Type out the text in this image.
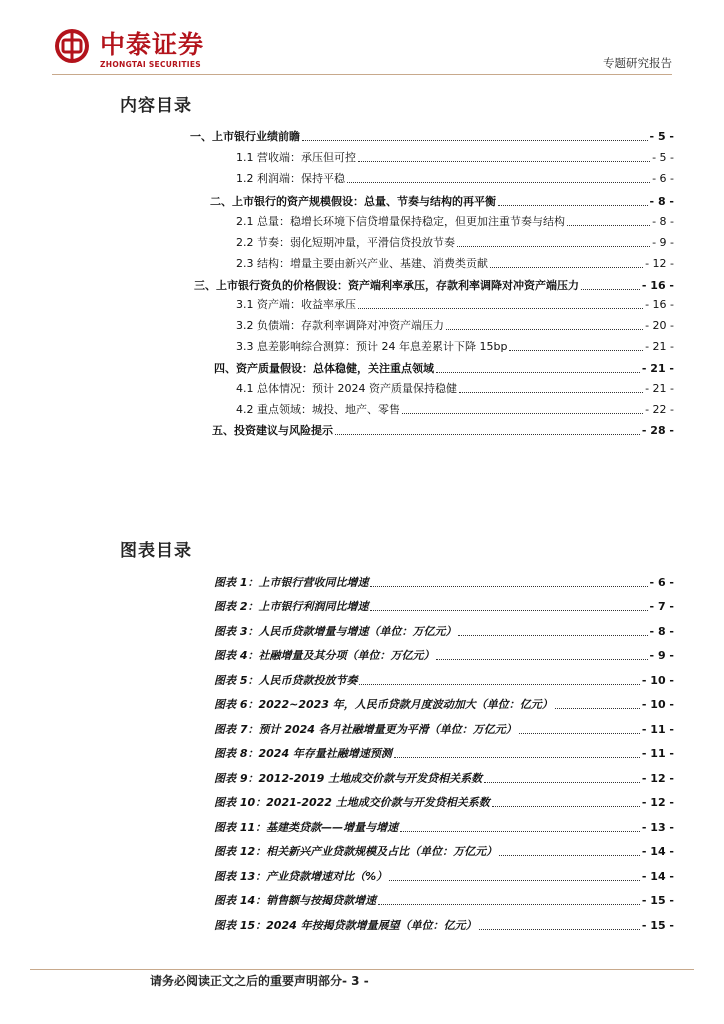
中泰证券
ZHONGTAI SECURITIES	专题研究报告
内容目录
一、上市银行业绩前瞻	- 5 -
1.1 营收端：承压但可控	- 5 -
1.2 利润端：保持平稳	- 6 -
二、上市银行的资产规模假设：总量、节奏与结构的再平衡	- 8 -
2.1 总量：稳增长环境下信贷增量保持稳定，但更加注重节奏与结构	- 8 -
2.2 节奏：弱化短期冲量，平滑信贷投放节奏	- 9 -
2.3 结构：增量主要由新兴产业、基建、消费类贡献	- 12 -
三、上市银行资负的价格假设：资产端利率承压，存款利率调降对冲资产端压力	- 16 -
3.1 资产端：收益率承压	- 16 -
3.2 负债端：存款利率调降对冲资产端压力	- 20 -
3.3 息差影响综合测算：预计 24 年息差累计下降 15bp	- 21 -
四、资产质量假设：总体稳健，关注重点领域	- 21 -
4.1 总体情况：预计 2024 资产质量保持稳健	- 21 -
4.2 重点领域：城投、地产、零售	- 22 -
五、投资建议与风险提示	- 28 -
图表目录
图表 1：上市银行营收同比增速	- 6 -
图表 2：上市银行利润同比增速	- 7 -
图表 3：人民币贷款增量与增速（单位：万亿元）	- 8 -
图表 4：社融增量及其分项（单位：万亿元）	- 9 -
图表 5：人民币贷款投放节奏	- 10 -
图表 6：2022~2023 年，人民币贷款月度波动加大（单位：亿元）	- 10 -
图表 7：预计 2024 各月社融增量更为平滑（单位：万亿元）	- 11 -
图表 8：2024 年存量社融增速预测	- 11 -
图表 9：2012-2019 土地成交价款与开发贷相关系数	- 12 -
图表 10：2021-2022 土地成交价款与开发贷相关系数	- 12 -
图表 11：基建类贷款——增量与增速	- 13 -
图表 12：相关新兴产业贷款规模及占比（单位：万亿元）	- 14 -
图表 13：产业贷款增速对比（%）	- 14 -
图表 14：销售额与按揭贷款增速	- 15 -
图表 15：2024 年按揭贷款增量展望（单位：亿元）	- 15 -
请务必阅读正文之后的重要声明部分- 3 -
